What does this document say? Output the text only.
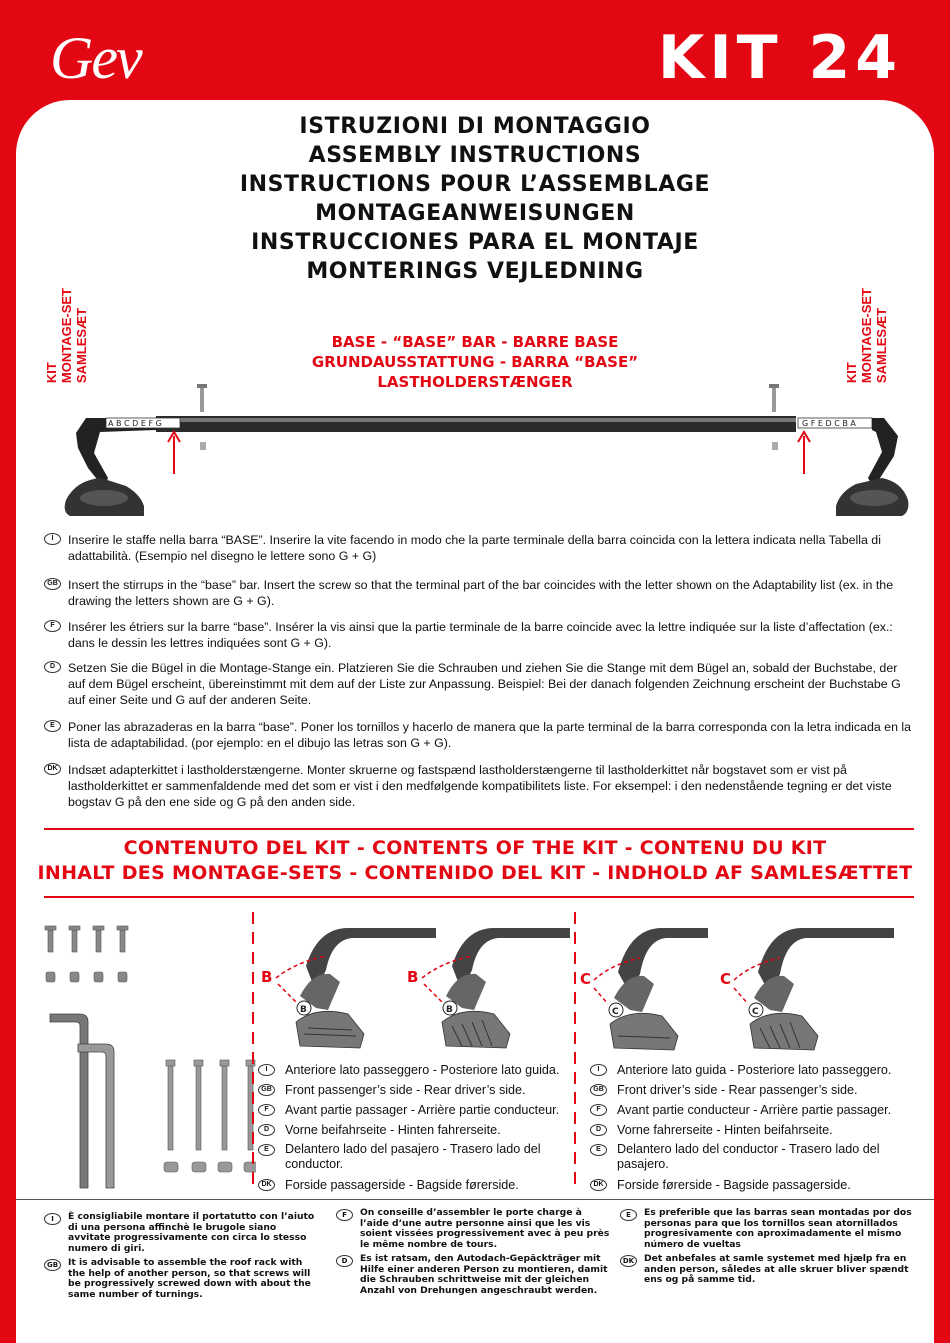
Gev	KIT 24
ISTRUZIONI DI MONTAGGIO
ASSEMBLY INSTRUCTIONS
INSTRUCTIONS POUR L’ASSEMBLAGE
MONTAGEANWEISUNGEN
INSTRUCCIONES PARA EL MONTAJE
MONTERINGS VEJLEDNING
KIT MONTAGE-SET SAMLESÆT	KIT MONTAGE-SET SAMLESÆT
BASE - “BASE” BAR - BARRE BASE
GRUNDAUSSTATTUNG - BARRA “BASE”
LASTHOLDERSTÆNGER
A B C D E F G	G F E D C B A
I	Inserire le staffe nella barra “BASE”. Inserire la vite facendo in modo che la parte terminale della barra coincida con la lettera indicata nella Tabella di adattabilità. (Esempio nel disegno le lettere sono G + G)
GB Insert the stirrups in the “base” bar. Insert the screw so that the terminal part of the bar coincides with the letter shown on the Adaptability list (ex. in the drawing the letters shown are G + G).
F	Insérer les étriers sur la barre “base”. Insérer la vis ainsi que la partie terminale de la barre coincide avec la lettre indiquée sur la liste d’affectation (ex.: dans le dessin les lettres indiquées sont G + G).
D	Setzen Sie die Bügel in die Montage-Stange ein. Platzieren Sie die Schrauben und ziehen Sie die Stange mit dem Bügel an, sobald der Buchstabe, der auf dem Bügel erscheint, übereinstimmt mit dem auf der Liste zur Anpassung. Beispiel: Bei der danach folgenden Zeichnung erscheint der Buchstabe G auf einer Seite und G auf der anderen Seite.
E	Poner las abrazaderas en la barra “base”. Poner los tornillos y hacerlo de manera que la parte terminal de la barra corresponda con la letra indicada en la lista de adaptabilidad. (por ejemplo: en el dibujo las letras son G + G).
DK Indsæt adapterkittet i lastholderstængerne. Monter skruerne og fastspænd lastholderstængerne til lastholderkittet når bogstavet som er vist på lastholderkittet er sammenfaldende med det som er vist i den medfølgende kompatibilitets liste. For eksempel: i den nedenstående tegning er det viste bogstav G på den ene side og G på den anden side.
CONTENUTO DEL KIT - CONTENTS OF THE KIT - CONTENU DU KIT
INHALT DES MONTAGE-SETS - CONTENIDO DEL KIT - INDHOLD AF SAMLESÆTTET
B
B
B
B
C
C
C
C
I	Anteriore lato passeggero - Posteriore lato guida.
GB Front passenger’s side - Rear driver’s side.
F	Avant partie passager - Arrière partie conducteur.
D	Vorne beifahrseite - Hinten fahrerseite.
E	Delantero lado del pasajero - Trasero lado del conductor.
DK Forside passagerside - Bagside førerside.
I	Anteriore lato guida - Posteriore lato passeggero.
GB Front driver’s side - Rear passenger’s side.
F	Avant partie conducteur - Arrière partie passager.
D	Vorne fahrerseite - Hinten beifahrseite.
E	Delantero lado del conductor - Trasero lado del pasajero.
DK Forside førerside - Bagside passagerside.
I	È consigliabile montare il portatutto con l’aiuto di una persona affinchè le brugole siano avvitate progressivamente con circa lo stesso numero di giri.
GB	It is advisable to assemble the roof rack with the help of another person, so that screws will be progressively screwed down with about the same number of turnings.
F	On conseille d’assembler le porte charge à l’aide d’une autre personne ainsi que les vis soient vissées progressivement avec à peu près le même nombre de tours.
D	Es ist ratsam, den Autodach-Gepäckträger mit Hilfe einer anderen Person zu montieren, damit die Schrauben schrittweise mit der gleichen Anzahl von Drehungen angeschraubt werden.
E	Es preferible que las barras sean montadas por dos personas para que los tornillos sean atornillados progresivamente con aproximadamente el mismo número de vueltas
DK	Det anbefales at samle systemet med hjælp fra en anden person, således at alle skruer bliver spændt ens og på samme tid.
